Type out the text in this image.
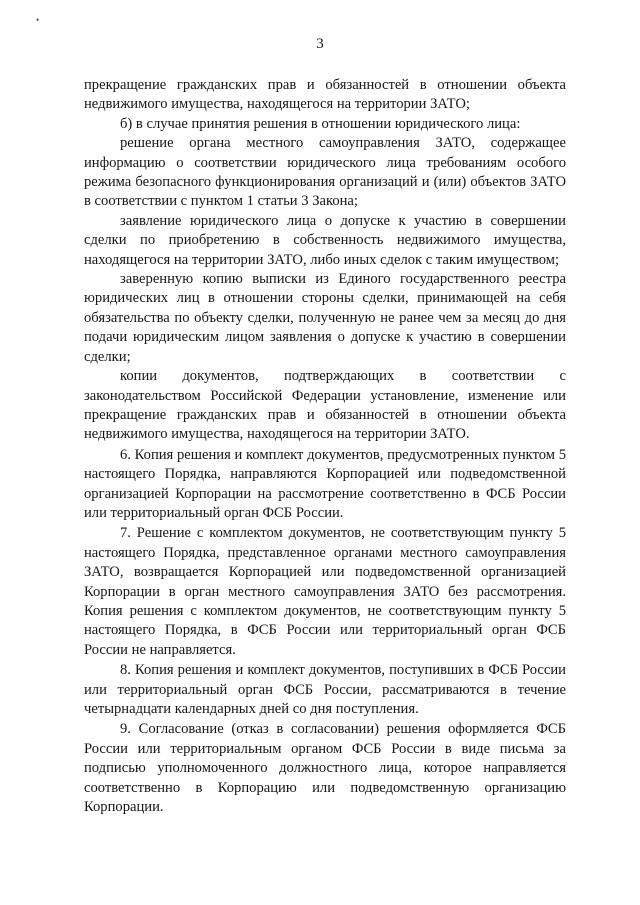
•
3

прекращение гражданских прав и обязанностей в отношении объекта недвижимого имущества, находящегося на территории ЗАТО;

б) в случае принятия решения в отношении юридического лица:

решение органа местного самоуправления ЗАТО, содержащее информацию о соответствии юридического лица требованиям особого режима безопасного функционирования организаций и (или) объектов ЗАТО в соответствии с пунктом 1 статьи 3 Закона;

заявление юридического лица о допуске к участию в совершении сделки по приобретению в собственность недвижимого имущества, находящегося на территории ЗАТО, либо иных сделок с таким имуществом;

заверенную копию выписки из Единого государственного реестра юридических лиц в отношении стороны сделки, принимающей на себя обязательства по объекту сделки, полученную не ранее чем за месяц до дня подачи юридическим лицом заявления о допуске к участию в совершении сделки;

копии документов, подтверждающих в соответствии с законодательством Российской Федерации установление, изменение или прекращение гражданских прав и обязанностей в отношении объекта недвижимого имущества, находящегося на территории ЗАТО.

6. Копия решения и комплект документов, предусмотренных пунктом 5 настоящего Порядка, направляются Корпорацией или подведомственной организацией Корпорации на рассмотрение соответственно в ФСБ России или территориальный орган ФСБ России.

7. Решение с комплектом документов, не соответствующим пункту 5 настоящего Порядка, представленное органами местного самоуправления ЗАТО, возвращается Корпорацией или подведомственной организацией Корпорации в орган местного самоуправления ЗАТО без рассмотрения. Копия решения с комплектом документов, не соответствующим пункту 5 настоящего Порядка, в ФСБ России или территориальный орган ФСБ России не направляется.

8. Копия решения и комплект документов, поступивших в ФСБ России или территориальный орган ФСБ России, рассматриваются в течение четырнадцати календарных дней со дня поступления.

9. Согласование (отказ в согласовании) решения оформляется ФСБ России или территориальным органом ФСБ России в виде письма за подписью уполномоченного должностного лица, которое направляется соответственно в Корпорацию или подведомственную организацию Корпорации.
